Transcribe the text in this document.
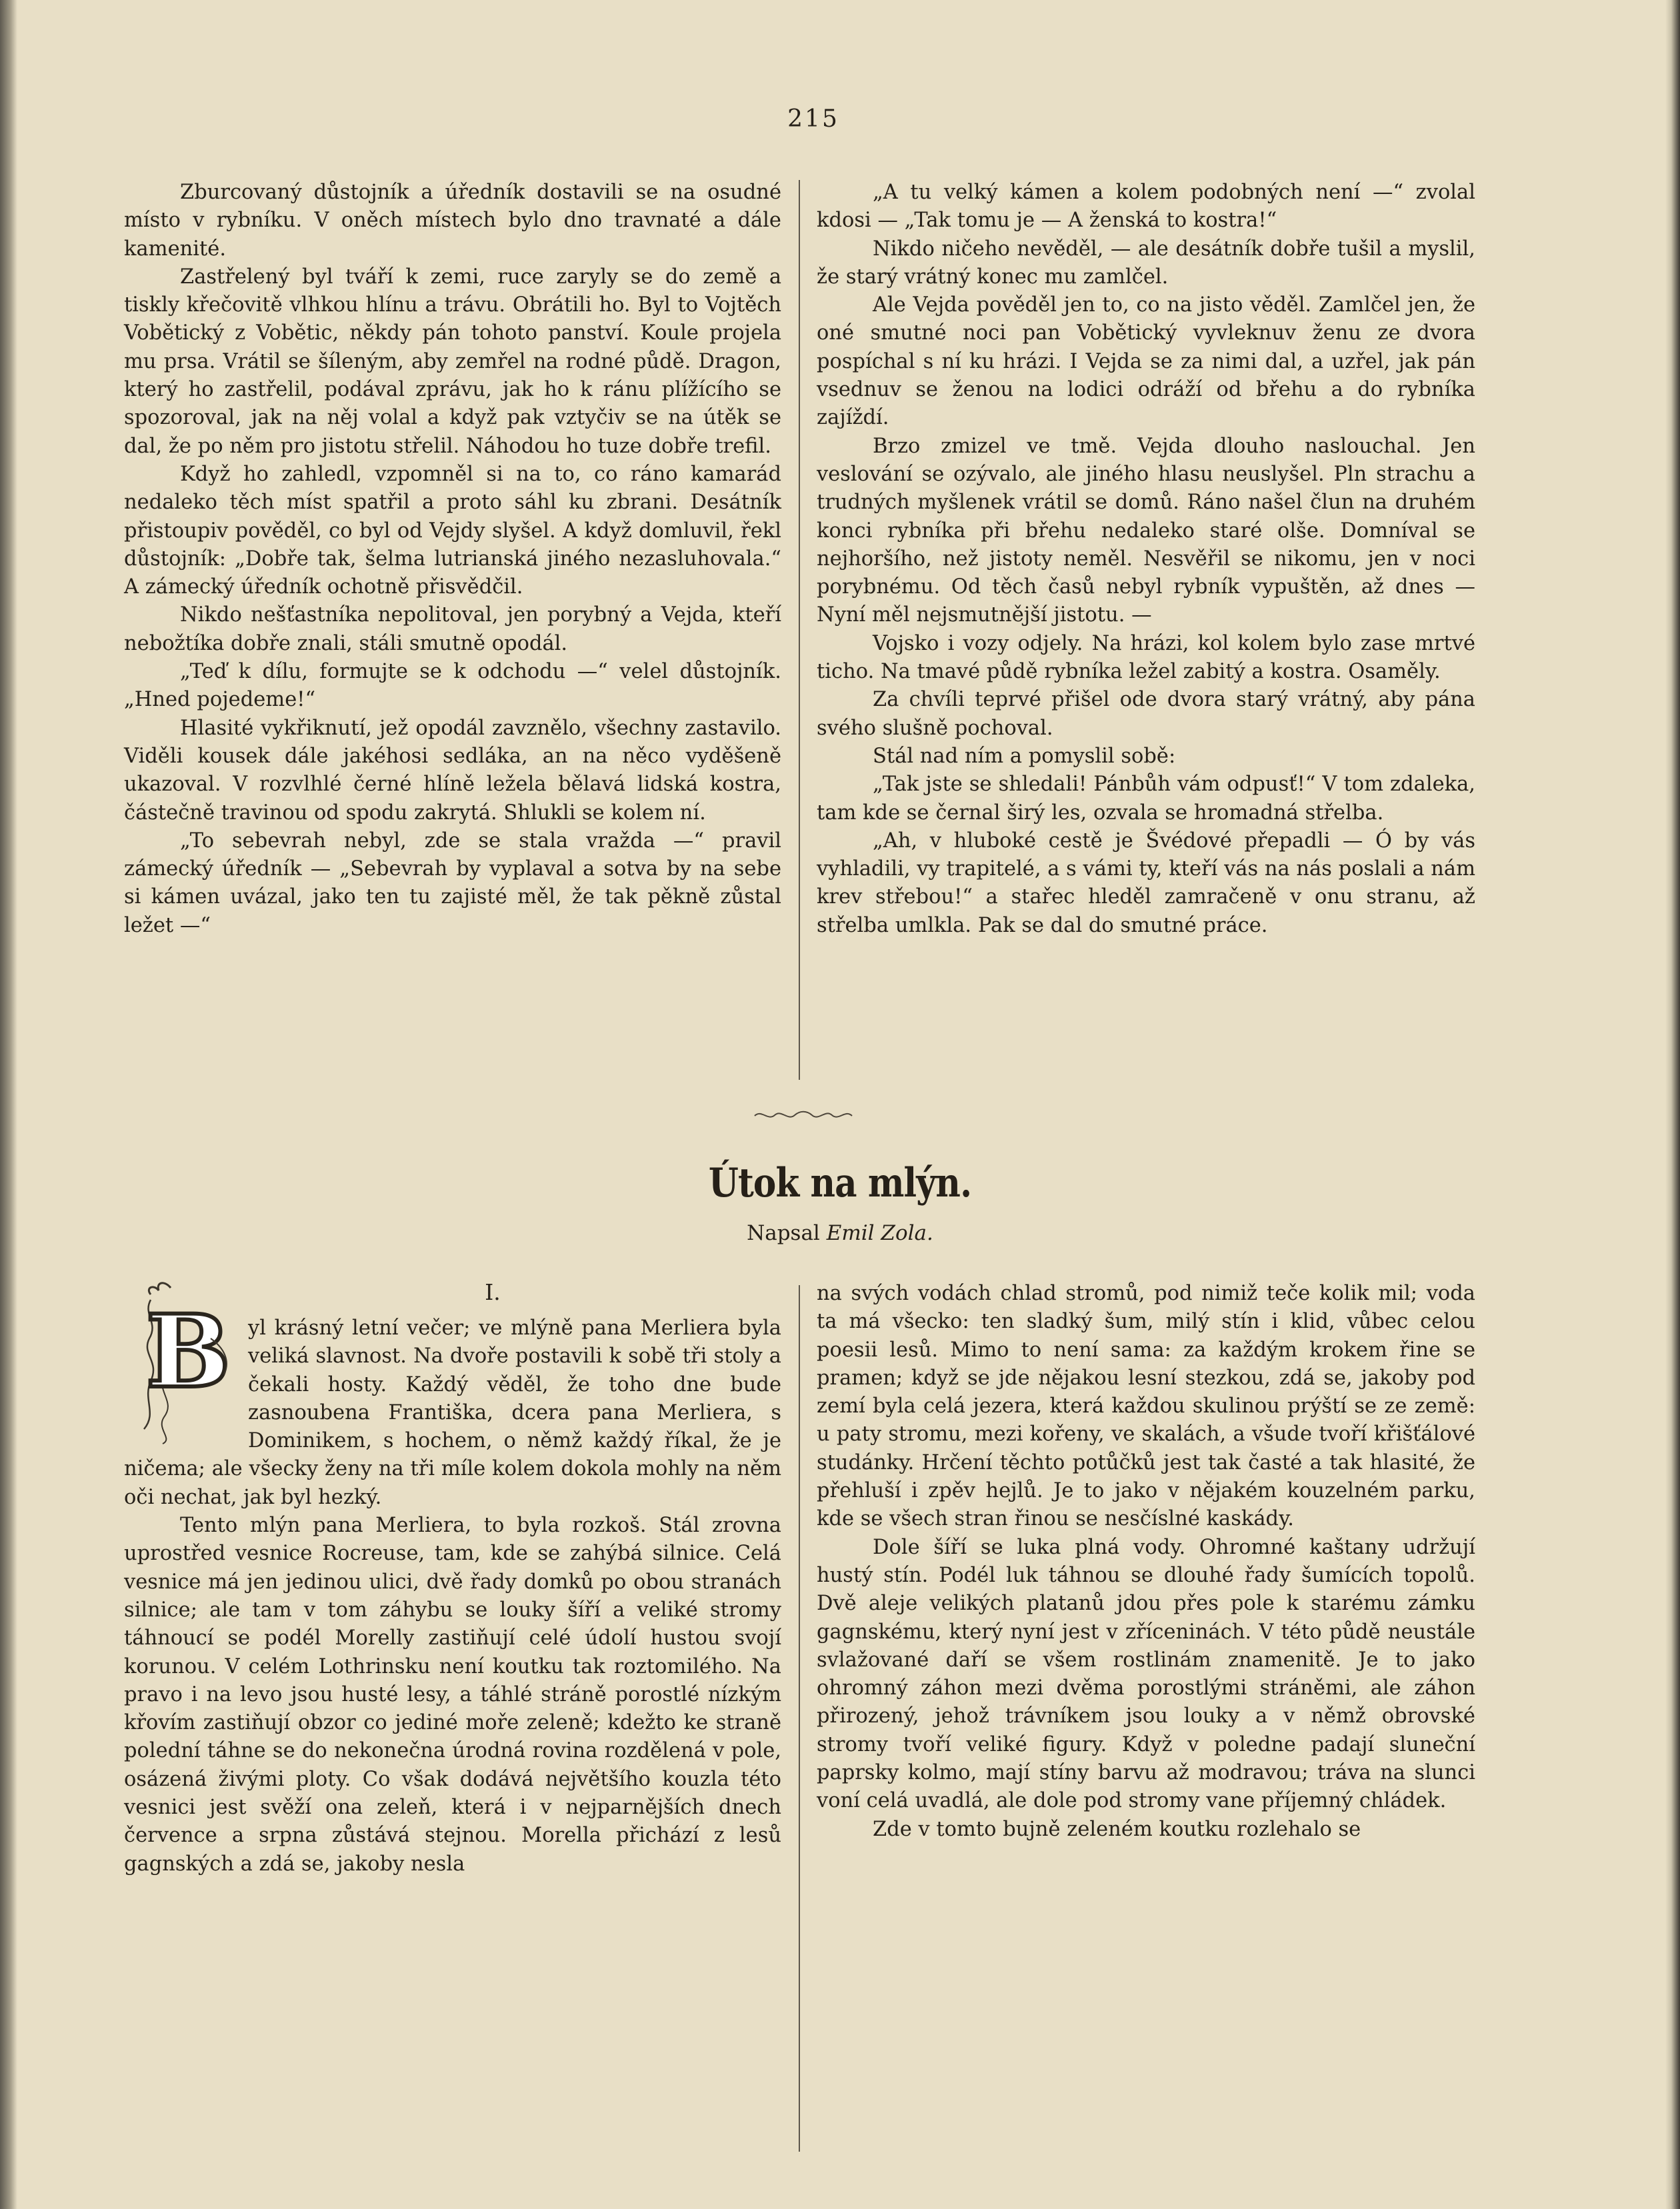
215

Zburcovaný důstojník a úředník dostavili se na osudné místo v rybníku. V oněch místech bylo dno travnaté a dále kamenité.

Zastřelený byl tváří k zemi, ruce zaryly se do země a tiskly křečovitě vlhkou hlínu a trávu. Obrátili ho. Byl to Vojtěch Vobětický z Vobětic, někdy pán tohoto panství. Koule projela mu prsa. Vrátil se šíleným, aby zemřel na rodné půdě. Dragon, který ho zastřelil, podával zprávu, jak ho k ránu plížícího se spozoroval, jak na něj volal a když pak vztyčiv se na útěk se dal, že po něm pro jistotu střelil. Náhodou ho tuze dobře trefil.

Když ho zahledl, vzpomněl si na to, co ráno kamarád nedaleko těch míst spatřil a proto sáhl ku zbrani. Desátník přistoupiv pověděl, co byl od Vejdy slyšel. A když domluvil, řekl důstojník: „Dobře tak, šelma lutrianská jiného nezasluhovala.“ A zámecký úředník ochotně přisvědčil.

Nikdo nešťastníka nepolitoval, jen porybný a Vejda, kteří nebožtíka dobře znali, stáli smutně opodál.

„Teď k dílu, formujte se k odchodu —“ velel důstojník. „Hned pojedeme!“

Hlasité vykřiknutí, jež opodál zavznělo, všechny zastavilo. Viděli kousek dále jakéhosi sedláka, an na něco vyděšeně ukazoval. V rozvlhlé černé hlíně ležela bělavá lidská kostra, částečně travinou od spodu zakrytá. Shlukli se kolem ní.

„To sebevrah nebyl, zde se stala vražda —“ pravil zámecký úředník — „Sebevrah by vyplaval a sotva by na sebe si kámen uvázal, jako ten tu zajisté měl, že tak pěkně zůstal ležet —“

„A tu velký kámen a kolem podobných není —“ zvolal kdosi — „Tak tomu je — A ženská to kostra!“

Nikdo ničeho nevěděl, — ale desátník dobře tušil a myslil, že starý vrátný konec mu zamlčel.

Ale Vejda pověděl jen to, co na jisto věděl. Zamlčel jen, že oné smutné noci pan Vobětický vyvleknuv ženu ze dvora pospíchal s ní ku hrázi. I Vejda se za nimi dal, a uzřel, jak pán vsednuv se ženou na lodici odráží od břehu a do rybníka zajíždí.

Brzo zmizel ve tmě. Vejda dlouho naslouchal. Jen veslování se ozývalo, ale jiného hlasu neuslyšel. Pln strachu a trudných myšlenek vrátil se domů. Ráno našel člun na druhém konci rybníka při břehu nedaleko staré olše. Domníval se nejhoršího, než jistoty neměl. Nesvěřil se nikomu, jen v noci porybnému. Od těch časů nebyl rybník vypuštěn, až dnes — Nyní měl nejsmutnější jistotu. —

Vojsko i vozy odjely. Na hrázi, kol kolem bylo zase mrtvé ticho. Na tmavé půdě rybníka ležel zabitý a kostra. Osaměly.

Za chvíli teprvé přišel ode dvora starý vrátný, aby pána svého slušně pochoval.

Stál nad ním a pomyslil sobě:

„Tak jste se shledali! Pánbůh vám odpusť!“ V tom zdaleka, tam kde se černal širý les, ozvala se hromadná střelba.

„Ah, v hluboké cestě je Švédové přepadli — Ó by vás vyhladili, vy trapitelé, a s vámi ty, kteří vás na nás poslali a nám krev střebou!“ a stařec hleděl zamračeně v onu stranu, až střelba umlkla. Pak se dal do smutné práce.

Útok na mlýn.
Napsal Emil Zola.
I.
B yl krásný letní večer; ve mlýně pana Merliera byla veliká slavnost. Na dvoře postavili k sobě tři stoly a čekali hosty. Každý věděl, že toho dne bude zasnoubena Františka, dcera pana Merliera, s Dominikem, s hochem, o němž každý říkal, že je ničema; ale všecky ženy na tři míle kolem dokola mohly na něm oči nechat, jak byl hezký.

Tento mlýn pana Merliera, to byla rozkoš. Stál zrovna uprostřed vesnice Rocreuse, tam, kde se zahýbá silnice. Celá vesnice má jen jedinou ulici, dvě řady domků po obou stranách silnice; ale tam v tom záhybu se louky šíří a veliké stromy táhnoucí se podél Morelly zastiňují celé údolí hustou svojí korunou. V celém Lothrinsku není koutku tak roztomilého. Na pravo i na levo jsou husté lesy, a táhlé stráně porostlé nízkým křovím zastiňují obzor co jediné moře zeleně; kdežto ke straně polední táhne se do nekonečna úrodná rovina rozdělená v pole, osázená živými ploty. Co však dodává největšího kouzla této vesnici jest svěží ona zeleň, která i v nejparnějších dnech července a srpna zůstává stejnou. Morella přichází z lesů gagnských a zdá se, jakoby nesla

na svých vodách chlad stromů, pod nimiž teče kolik mil; voda ta má všecko: ten sladký šum, milý stín i klid, vůbec celou poesii lesů. Mimo to není sama: za každým krokem řine se pramen; když se jde nějakou lesní stezkou, zdá se, jakoby pod zemí byla celá jezera, která každou skulinou prýští se ze země: u paty stromu, mezi kořeny, ve skalách, a všude tvoří křišťálové studánky. Hrčení těchto potůčků jest tak časté a tak hlasité, že přehluší i zpěv hejlů. Je to jako v nějakém kouzelném parku, kde se všech stran řinou se nesčíslné kaskády.

Dole šíří se luka plná vody. Ohromné kaštany udržují hustý stín. Podél luk táhnou se dlouhé řady šumících topolů. Dvě aleje velikých platanů jdou přes pole k starému zámku gagnskému, který nyní jest v zříceninách. V této půdě neustále svlažované daří se všem rostlinám znamenitě. Je to jako ohromný záhon mezi dvěma porostlými stráněmi, ale záhon přirozený, jehož trávníkem jsou louky a v němž obrovské stromy tvoří veliké figury. Když v poledne padají sluneční paprsky kolmo, mají stíny barvu až modravou; tráva na slunci voní celá uvadlá, ale dole pod stromy vane příjemný chládek.

Zde v tomto bujně zeleném koutku rozlehalo se
